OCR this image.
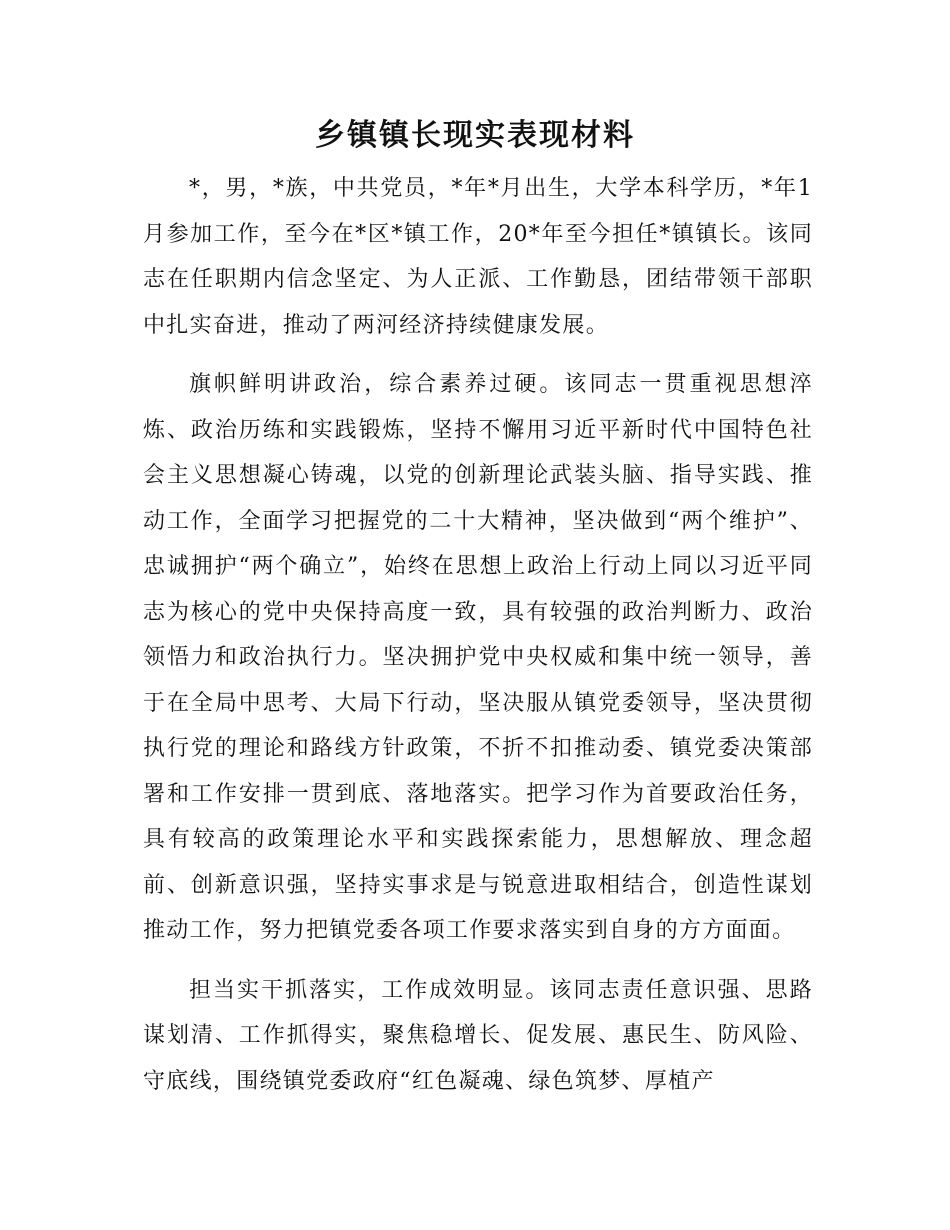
乡镇镇长现实表现材料

*，男，*族，中共党员，*年*月出生，大学本科学历，*年1月参加工作，至今在*区*镇工作，20*年至今担任*镇镇长。该同志在任职期内信念坚定、为人正派、工作勤恳，团结带领干部职中扎实奋进，推动了两河经济持续健康发展。

旗帜鲜明讲政治，综合素养过硬。该同志一贯重视思想淬炼、政治历练和实践锻炼，坚持不懈用习近平新时代中国特色社会主义思想凝心铸魂，以党的创新理论武装头脑、指导实践、推动工作，全面学习把握党的二十大精神，坚决做到“两个维护”、忠诚拥护“两个确立”，始终在思想上政治上行动上同以习近平同志为核心的党中央保持高度一致，具有较强的政治判断力、政治领悟力和政治执行力。坚决拥护党中央权威和集中统一领导，善于在全局中思考、大局下行动，坚决服从镇党委领导，坚决贯彻执行党的理论和路线方针政策，不折不扣推动委、镇党委决策部署和工作安排一贯到底、落地落实。把学习作为首要政治任务，具有较高的政策理论水平和实践探索能力，思想解放、理念超前、创新意识强，坚持实事求是与锐意进取相结合，创造性谋划推动工作，努力把镇党委各项工作要求落实到自身的方方面面。

担当实干抓落实，工作成效明显。该同志责任意识强、思路谋划清、工作抓得实，聚焦稳增长、促发展、惠民生、防风险、守底线，围绕镇党委政府“红色凝魂、绿色筑梦、厚植产
